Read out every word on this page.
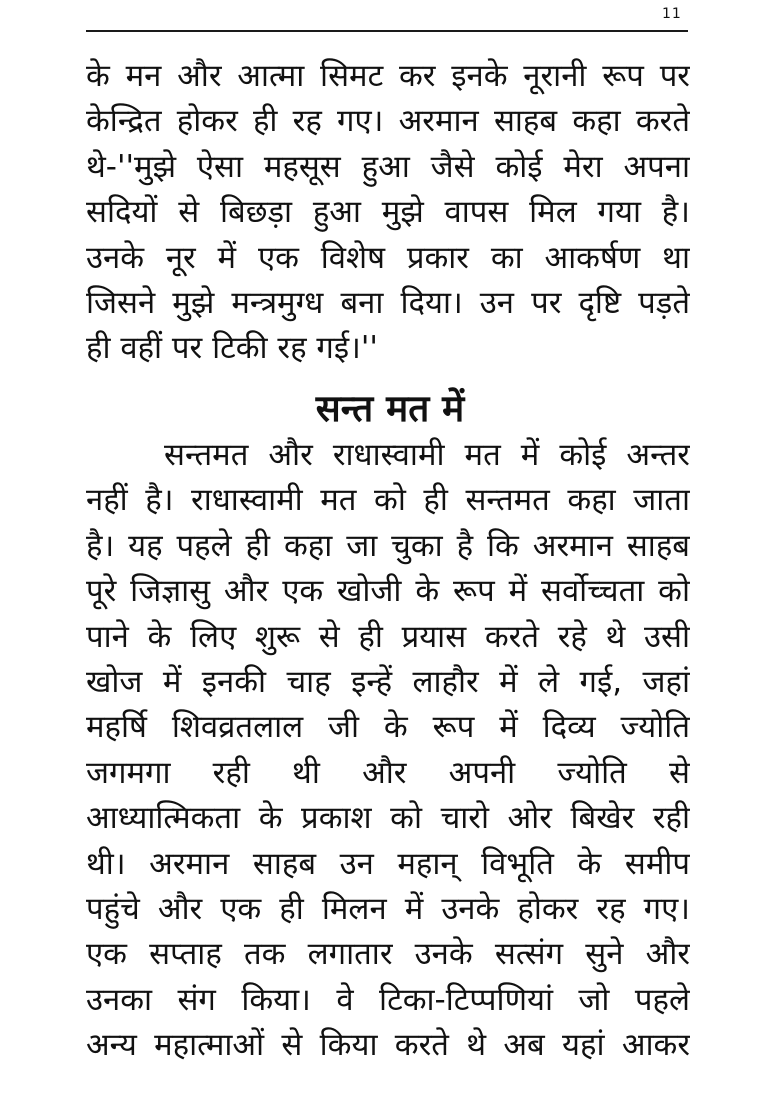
11
के मन और आत्मा सिमट कर इनके नूरानी रूप पर
केन्द्रित होकर ही रह गए। अरमान साहब कहा करते
थे-''मुझे ऐसा महसूस हुआ जैसे कोई मेरा अपना
सदियों से बिछड़ा हुआ मुझे वापस मिल गया है।
उनके नूर में एक विशेष प्रकार का आकर्षण था
जिसने मुझे मन्त्रमुग्ध बना दिया। उन पर दृष्टि पड़ते
ही वहीं पर टिकी रह गई।''
सन्त मत में
सन्तमत और राधास्वामी मत में कोई अन्तर
नहीं है। राधास्वामी मत को ही सन्तमत कहा जाता
है। यह पहले ही कहा जा चुका है कि अरमान साहब
पूरे जिज्ञासु और एक खोजी के रूप में सर्वोच्चता को
पाने के लिए शुरू से ही प्रयास करते रहे थे उसी
खोज में इनकी चाह इन्हें लाहौर में ले गई, जहां
महर्षि शिवव्रतलाल जी के रूप में दिव्य ज्योति
जगमगा रही थी और अपनी ज्योति से
आध्यात्मिकता के प्रकाश को चारो ओर बिखेर रही
थी। अरमान साहब उन महान् विभूति के समीप
पहुंचे और एक ही मिलन में उनके होकर रह गए।
एक सप्ताह तक लगातार उनके सत्संग सुने और
उनका संग किया। वे टिका-टिप्पणियां जो पहले
अन्य महात्माओं से किया करते थे अब यहां आकर
